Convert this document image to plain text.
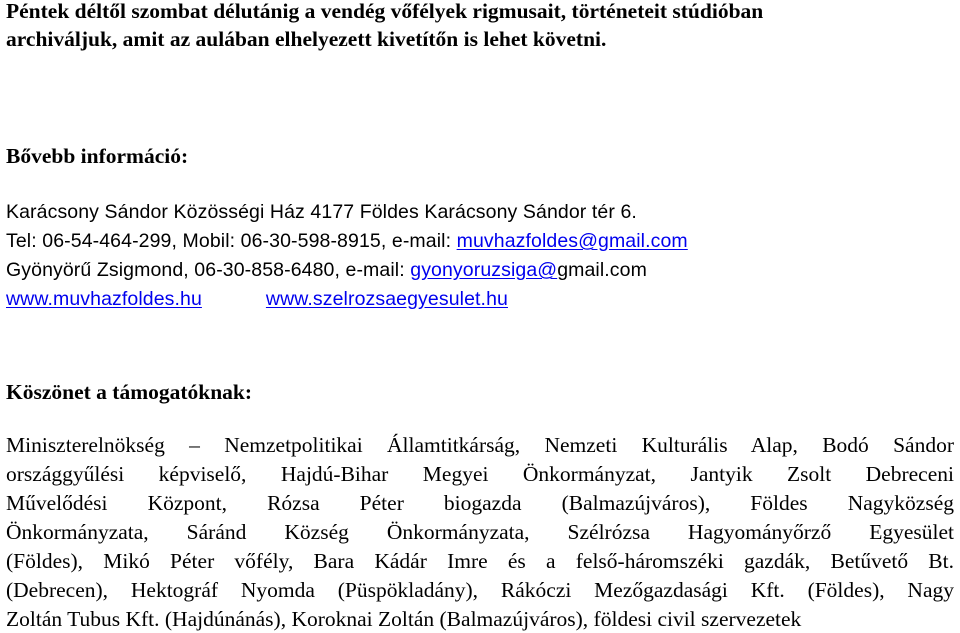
Péntek déltől szombat délutánig a vendég vőfélyek rigmusait, történeteit stúdióban
archiváljuk, amit az aulában elhelyezett kivetítőn is lehet követni.
Bővebb információ:
Karácsony Sándor Közösségi Ház 4177 Földes Karácsony Sándor tér 6.
Tel: 06-54-464-299, Mobil: 06-30-598-8915, e-mail: muvhazfoldes@gmail.com
Gyönyörű Zsigmond, 06-30-858-6480, e-mail: gyonyoruzsiga@gmail.com
www.muvhazfoldes.hu	www.szelrozsaegyesulet.hu
Köszönet a támogatóknak:
Miniszterelnökség – Nemzetpolitikai Államtitkárság, Nemzeti Kulturális Alap, Bodó Sándor
országgyűlési képviselő, Hajdú-Bihar Megyei Önkormányzat, Jantyik Zsolt Debreceni
Művelődési Központ, Rózsa Péter biogazda (Balmazújváros), Földes Nagyközség
Önkormányzata, Sáránd Község Önkormányzata, Szélrózsa Hagyományőrző Egyesület
(Földes), Mikó Péter vőfély, Bara Kádár Imre és a felső-háromszéki gazdák, Betűvető Bt.
(Debrecen), Hektográf Nyomda (Püspökladány), Rákóczi Mezőgazdasági Kft. (Földes), Nagy
Zoltán Tubus Kft. (Hajdúnánás), Koroknai Zoltán (Balmazújváros), földesi civil szervezetek
